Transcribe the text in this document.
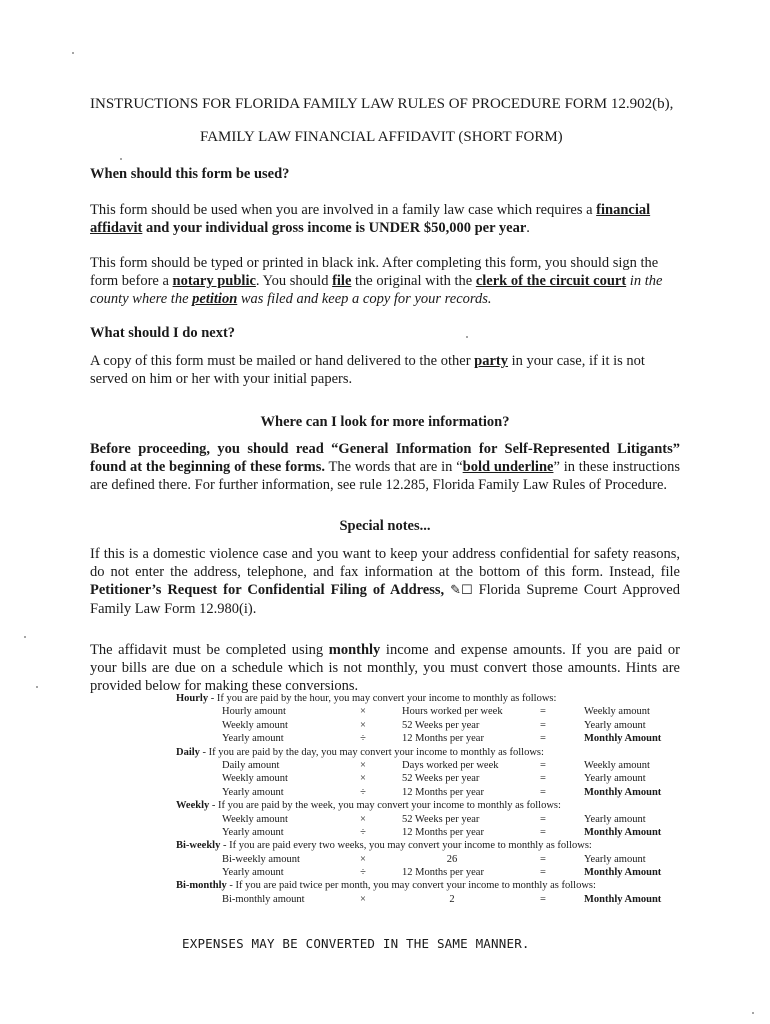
INSTRUCTIONS FOR FLORIDA FAMILY LAW RULES OF PROCEDURE FORM 12.902(b),
FAMILY LAW FINANCIAL AFFIDAVIT (SHORT FORM)
When should this form be used?
This form should be used when you are involved in a family law case which requires a financial affidavit and your individual gross income is UNDER $50,000 per year.
This form should be typed or printed in black ink. After completing this form, you should sign the form before a notary public. You should file the original with the clerk of the circuit court in the county where the petition was filed and keep a copy for your records.
What should I do next?
A copy of this form must be mailed or hand delivered to the other party in your case, if it is not served on him or her with your initial papers.
Where can I look for more information?
Before proceeding, you should read “General Information for Self-Represented Litigants” found at the beginning of these forms. The words that are in “bold underline” in these instructions are defined there. For further information, see rule 12.285, Florida Family Law Rules of Procedure.
Special notes...
If this is a domestic violence case and you want to keep your address confidential for safety reasons, do not enter the address, telephone, and fax information at the bottom of this form. Instead, file Petitioner’s Request for Confidential Filing of Address, ✎☐ Florida Supreme Court Approved Family Law Form 12.980(i).
The affidavit must be completed using monthly income and expense amounts. If you are paid or your bills are due on a schedule which is not monthly, you must convert those amounts. Hints are provided below for making these conversions.
Hourly - If you are paid by the hour, you may convert your income to monthly as follows:
Hourly amount	×	Hours worked per week	=	Weekly amount
Weekly amount	×	52 Weeks per year	=	Yearly amount
Yearly amount	÷	12 Months per year	=	Monthly Amount
Daily - If you are paid by the day, you may convert your income to monthly as follows:
Daily amount	×	Days worked per week	=	Weekly amount
Weekly amount	×	52 Weeks per year	=	Yearly amount
Yearly amount	÷	12 Months per year	=	Monthly Amount
Weekly - If you are paid by the week, you may convert your income to monthly as follows:
Weekly amount	×	52 Weeks per year	=	Yearly amount
Yearly amount	÷	12 Months per year	=	Monthly Amount
Bi-weekly - If you are paid every two weeks, you may convert your income to monthly as follows:
Bi-weekly amount	×	26	=	Yearly amount
Yearly amount	÷	12 Months per year	=	Monthly Amount
Bi-monthly - If you are paid twice per month, you may convert your income to monthly as follows:
Bi-monthly amount	×	2	=	Monthly Amount
EXPENSES MAY BE CONVERTED IN THE SAME MANNER.
